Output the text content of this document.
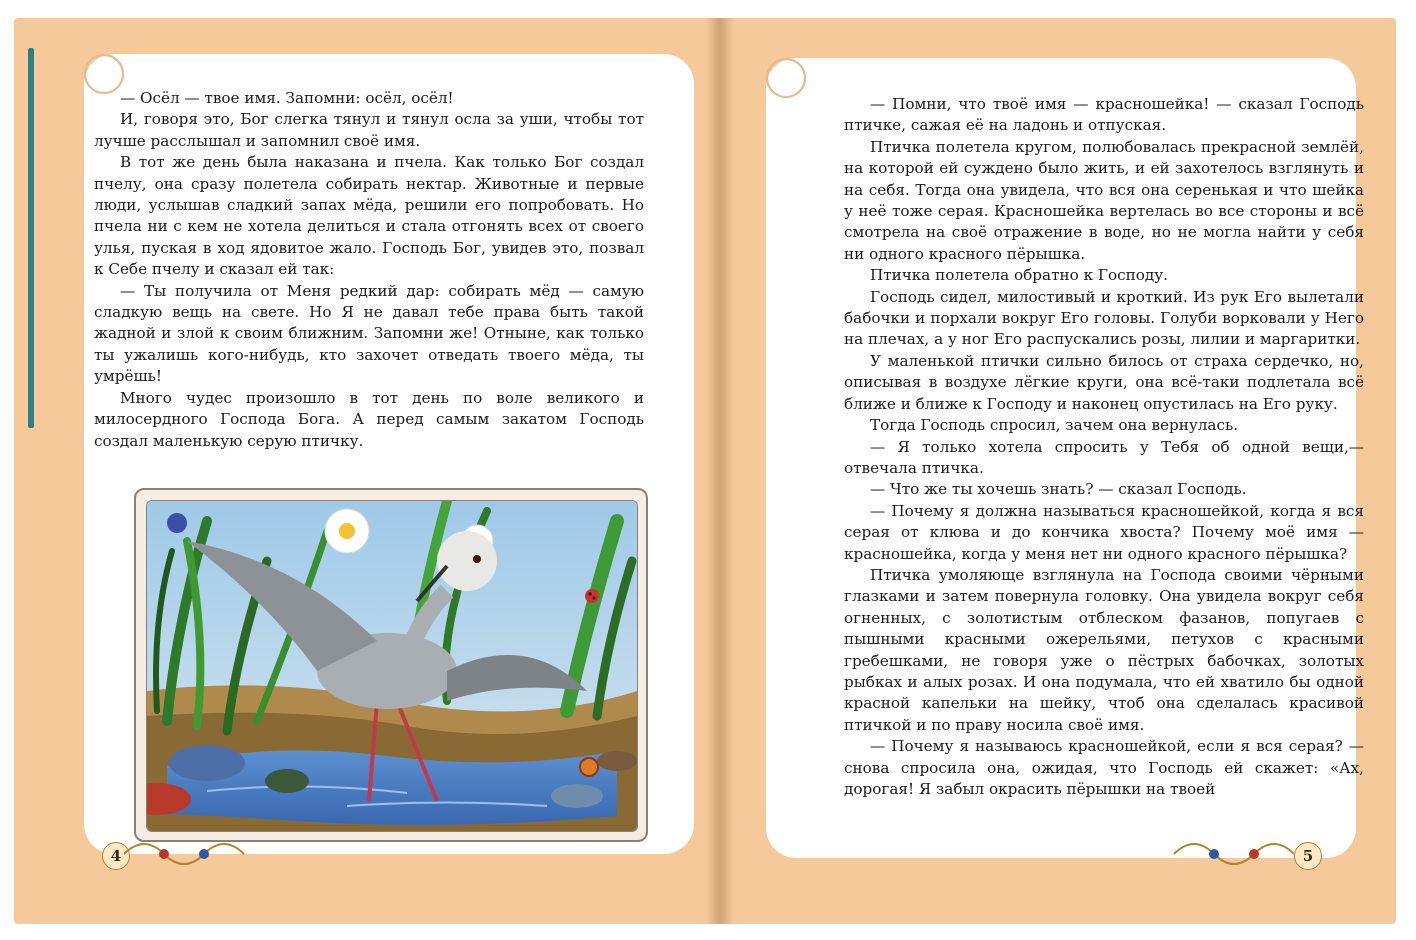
— Осёл — твое имя. Запомни: осёл, осёл!

И, говоря это, Бог слегка тянул и тянул осла за уши, чтобы тот лучше расслышал и запомнил своё имя.

В тот же день была наказана и пчела. Как только Бог создал пчелу, она сразу полетела собирать нектар. Животные и первые люди, услышав сладкий запах мёда, решили его попробовать. Но пчела ни с кем не хотела делиться и стала отгонять всех от своего улья, пуская в ход ядовитое жало. Господь Бог, увидев это, позвал к Себе пчелу и сказал ей так:

— Ты получила от Меня редкий дар: собирать мёд — самую сладкую вещь на свете. Но Я не давал тебе права быть такой жадной и злой к своим ближним. Запомни же! Отныне, как только ты ужалишь кого-нибудь, кто захочет отведать твоего мёда, ты умрёшь!

Много чудес произошло в тот день по воле великого и милосердного Господа Бога. А перед самым закатом Господь создал маленькую серую птичку.

4

— Помни, что твоё имя — красношейка! — сказал Господь птичке, сажая её на ладонь и отпуская.

Птичка полетела кругом, полюбовалась прекрасной землёй, на которой ей суждено было жить, и ей захотелось взглянуть и на себя. Тогда она увидела, что вся она серенькая и что шейка у неё тоже серая. Красношейка вертелась во все стороны и всё смотрела на своё отражение в воде, но не могла найти у себя ни одного красного пёрышка.

Птичка полетела обратно к Господу.

Господь сидел, милостивый и кроткий. Из рук Его вылетали бабочки и порхали вокруг Его головы. Голуби ворковали у Него на плечах, а у ног Его распускались розы, лилии и маргаритки.

У маленькой птички сильно билось от страха сердечко, но, описывая в воздухе лёгкие круги, она всё-таки подлетала всё ближе и ближе к Господу и наконец опустилась на Его руку.

Тогда Господь спросил, зачем она вернулась.

— Я только хотела спросить у Тебя об одной вещи,— отвечала птичка.

— Что же ты хочешь знать? — сказал Господь.

— Почему я должна называться красношейкой, когда я вся серая от клюва и до кончика хвоста? Почему моё имя — красношейка, когда у меня нет ни одного красного пёрышка?

Птичка умоляюще взглянула на Господа своими чёрными глазками и затем повернула головку. Она увидела вокруг себя огненных, с золотистым отблеском фазанов, попугаев с пышными красными ожерельями, петухов с красными гребешками, не говоря уже о пёстрых бабочках, золотых рыбках и алых розах. И она подумала, что ей хватило бы одной красной капельки на шейку, чтоб она сделалась красивой птичкой и по праву носила своё имя.

— Почему я называюсь красношейкой, если я вся серая? — снова спросила она, ожидая, что Господь ей скажет: «Ах, дорогая! Я забыл окрасить пёрышки на твоей

5
